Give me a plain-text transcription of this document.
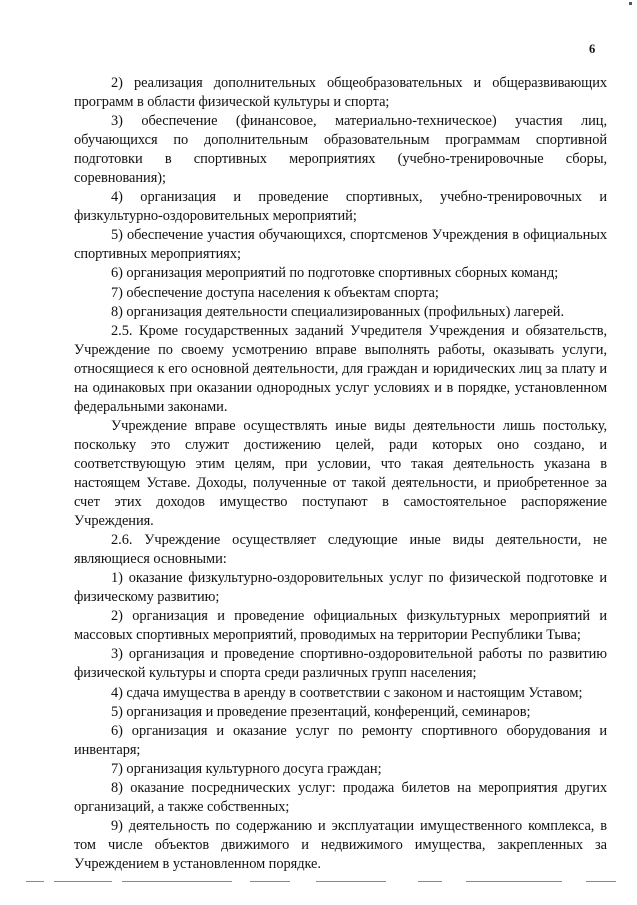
6

2) реализация дополнительных общеобразовательных и общеразвивающих программ в области физической культуры и спорта;

3) обеспечение (финансовое, материально-техническое) участия лиц, обучающихся по дополнительным образовательным программам спортивной подготовки в спортивных мероприятиях (учебно-тренировочные сборы, соревнования);

4) организация и проведение спортивных, учебно-тренировочных и физкультурно-оздоровительных мероприятий;

5) обеспечение участия обучающихся, спортсменов Учреждения в официальных спортивных мероприятиях;

6) организация мероприятий по подготовке спортивных сборных команд;

7) обеспечение доступа населения к объектам спорта;

8) организация деятельности специализированных (профильных) лагерей.

2.5. Кроме государственных заданий Учредителя Учреждения и обязательств, Учреждение по своему усмотрению вправе выполнять работы, оказывать услуги, относящиеся к его основной деятельности, для граждан и юридических лиц за плату и на одинаковых при оказании однородных услуг условиях и в порядке, установленном федеральными законами.

Учреждение вправе осуществлять иные виды деятельности лишь постольку, поскольку это служит достижению целей, ради которых оно создано, и соответствующую этим целям, при условии, что такая деятельность указана в настоящем Уставе. Доходы, полученные от такой деятельности, и приобретенное за счет этих доходов имущество поступают в самостоятельное распоряжение Учреждения.

2.6. Учреждение осуществляет следующие иные виды деятельности, не являющиеся основными:

1) оказание физкультурно-оздоровительных услуг по физической подготовке и физическому развитию;

2) организация и проведение официальных физкультурных мероприятий и массовых спортивных мероприятий, проводимых на территории Республики Тыва;

3) организация и проведение спортивно-оздоровительной работы по развитию физической культуры и спорта среди различных групп населения;

4) сдача имущества в аренду в соответствии с законом и настоящим Уставом;

5) организация и проведение презентаций, конференций, семинаров;

6) организация и оказание услуг по ремонту спортивного оборудования и инвентаря;

7) организация культурного досуга граждан;

8) оказание посреднических услуг: продажа билетов на мероприятия других организаций, а также собственных;

9) деятельность по содержанию и эксплуатации имущественного комплекса, в том числе объектов движимого и недвижимого имущества, закрепленных за Учреждением в установленном порядке.
